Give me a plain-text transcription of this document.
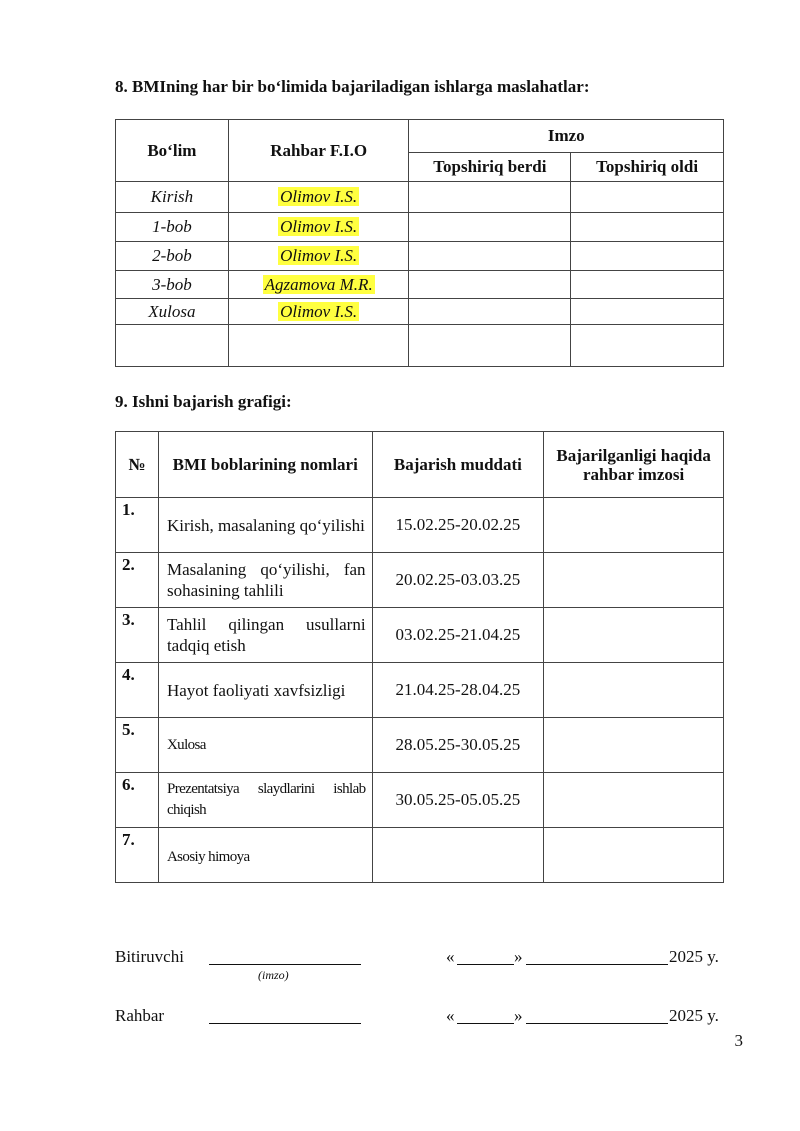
8. BMIning har bir bo‘limida bajariladigan ishlarga maslahatlar:
Bo‘lim	Rahbar F.I.O	Imzo	
		Topshiriq berdi	Topshiriq oldi
Kirish	Olimov I.S.		
1-bob	Olimov I.S.		
2-bob	Olimov I.S.		
3-bob	Agzamova M.R.		
Xulosa	Olimov I.S.		

9. Ishni bajarish grafigi:
№	BMI boblarining nomlari	Bajarish muddati	Bajarilganligi haqida rahbar imzosi
1.	Kirish, masalaning qo‘yilishi	15.02.25-20.02.25	
2.	Masalaning qo‘yilishi, fan sohasining tahlili	20.02.25-03.03.25	
3.	Tahlil qilingan usullarni tadqiq etish	03.02.25-21.04.25	
4.	Hayot faoliyati xavfsizligi	21.04.25-28.04.25	
5.	Xulosa	28.05.25-30.05.25	
6.	Prezentatsiya slaydlarini ishlab chiqish	30.05.25-05.05.25	
7.	Asosiy himoya		
Bitiruvchi
(imzo)
«	»	2025 y.
Rahbar	«	»	2025 y.
3
